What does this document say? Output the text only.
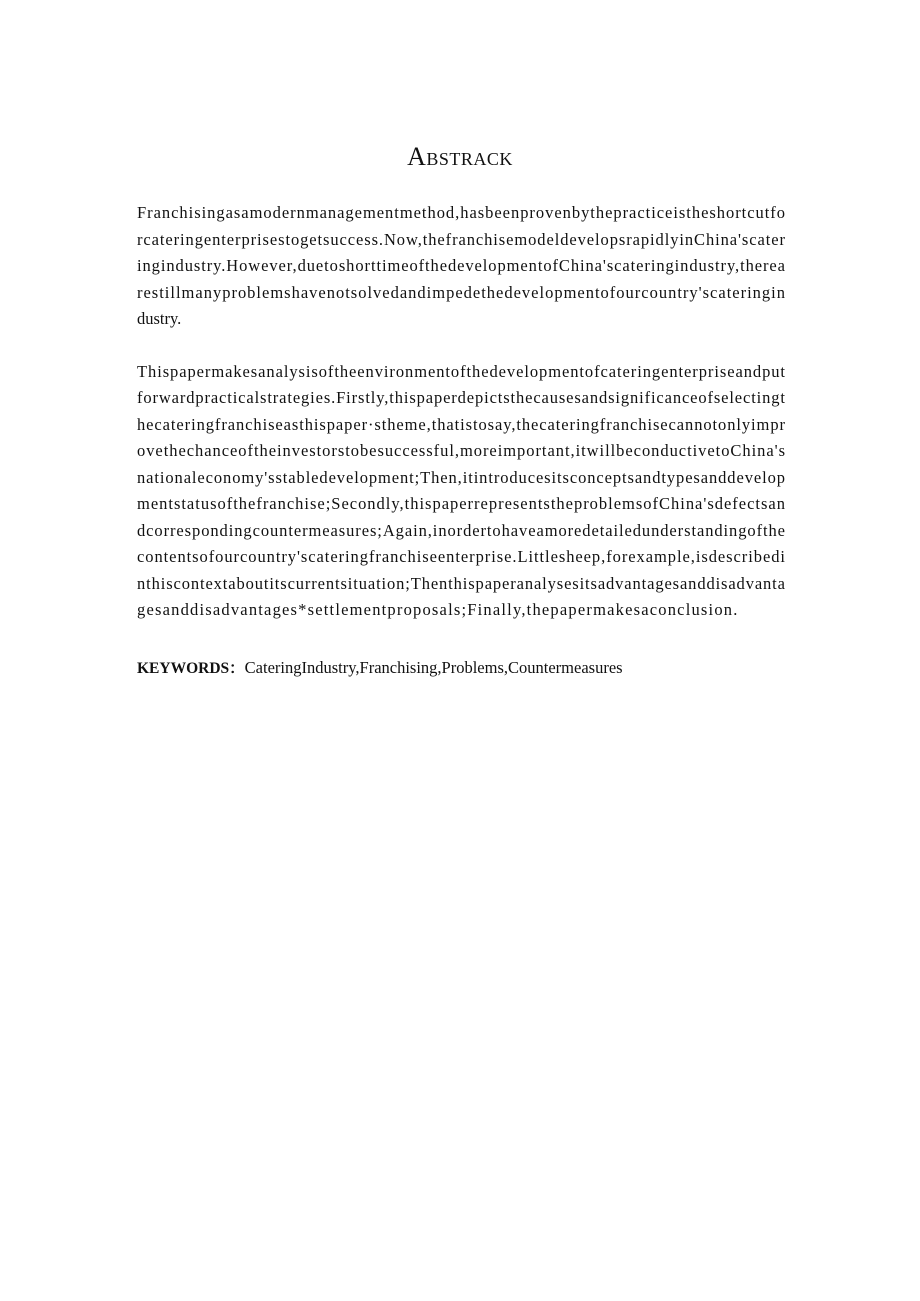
Abstrack
Franchisingasamodernmanagementmethod,hasbeenprovenbythepracticeistheshortcutfo
rcateringenterprisestogetsuccess.Now,thefranchisemodeldevelopsrapidlyinChina'scater
ingindustry.However,duetoshorttimeofthedevelopmentofChina'scateringindustry,therea
restillmanyproblemshavenotsolvedandimpedethedevelopmentofourcountry'scateringin
dustry.
Thispapermakesanalysisoftheenvironmentofthedevelopmentofcateringenterpriseandput
forwardpracticalstrategies.Firstly,thispaperdepictsthecausesandsignificanceofselectingt
hecateringfranchiseasthispaper·stheme,thatistosay,thecateringfranchisecannotonlyimpr
ovethechanceoftheinvestorstobesuccessful,moreimportant,itwillbeconductivetoChina's
nationaleconomy'sstabledevelopment;Then,itintroducesitsconceptsandtypesanddevelop
mentstatusofthefranchise;Secondly,thispaperrepresentstheproblemsofChina'sdefectsan
dcorrespondingcountermeasures;Again,inordertohaveamoredetailedunderstandingofthe
contentsofourcountry'scateringfranchiseenterprise.Littlesheep,forexample,isdescribedi
nthiscontextaboutitscurrentsituation;Thenthispaperanalysesitsadvantagesanddisadvanta
gesanddisadvantages*settlementproposals;Finally,thepapermakesaconclusion.
KEYWORDS：CateringIndustry,Franchising,Problems,Countermeasures
